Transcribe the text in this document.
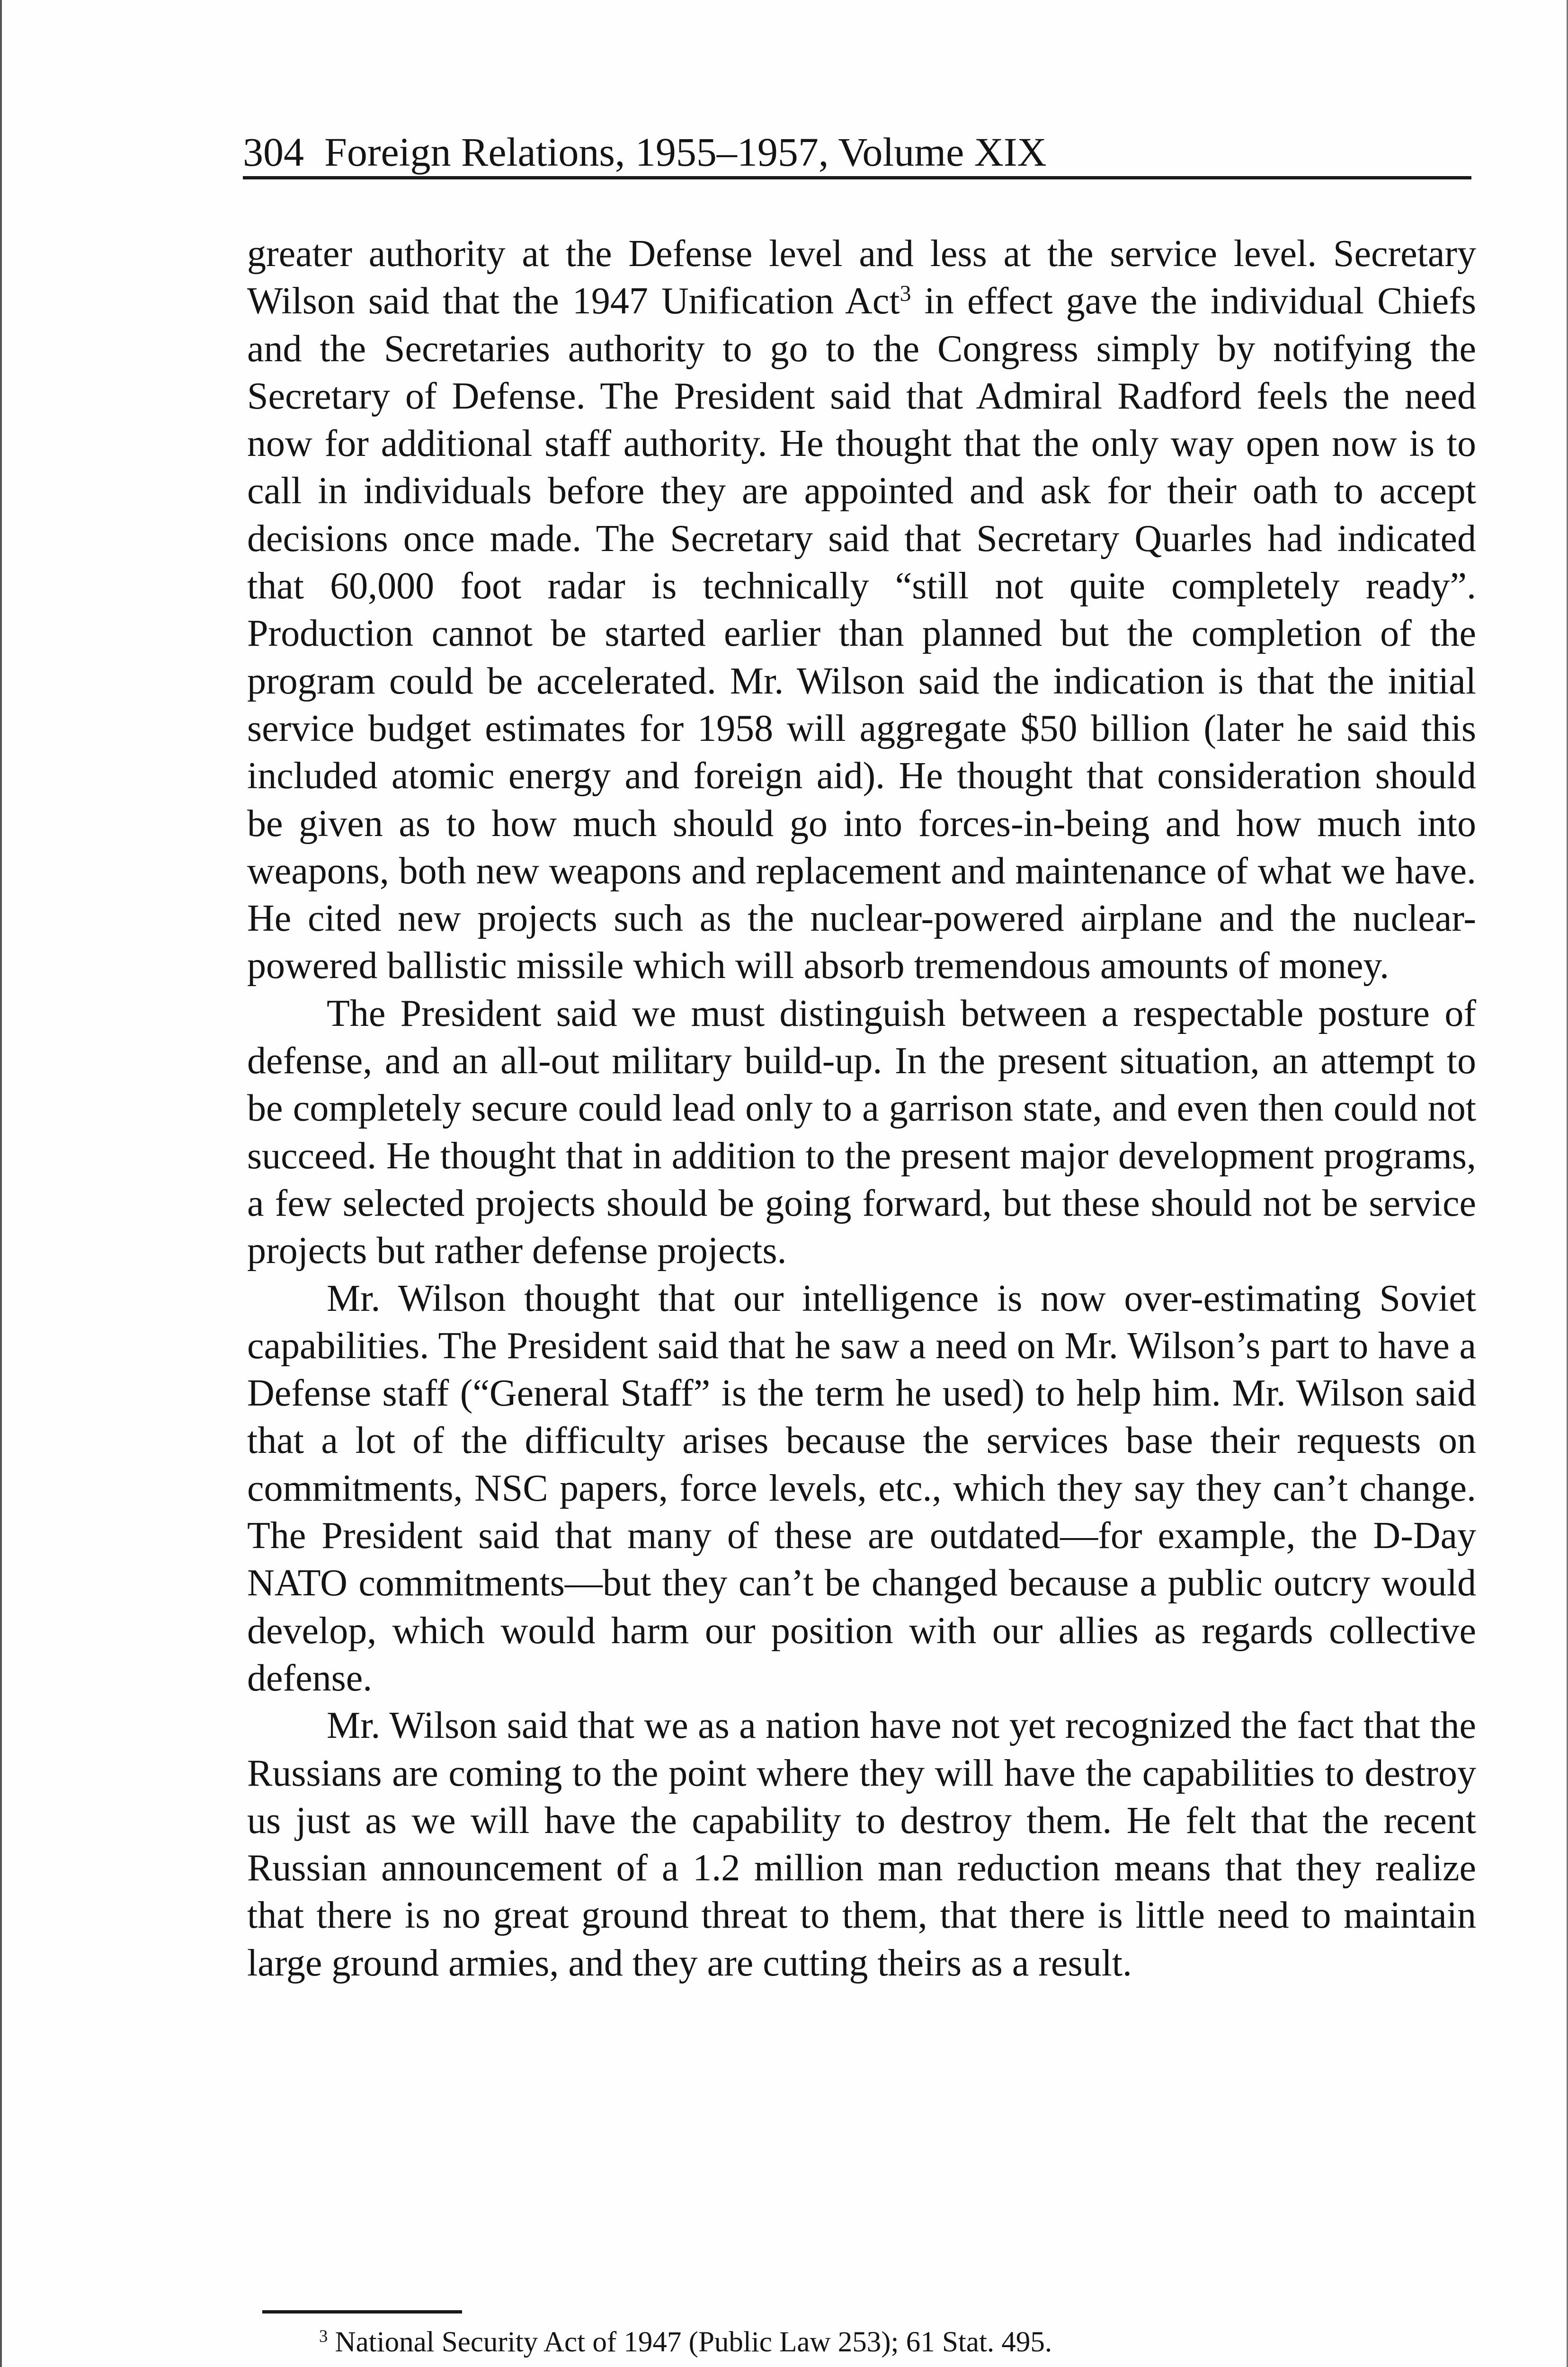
304 Foreign Relations, 1955–1957, Volume XIX

greater authority at the Defense level and less at the service level. Secretary Wilson said that the 1947 Unification Act$^3$ in effect gave the individual Chiefs and the Secretaries authority to go to the Congress simply by notifying the Secretary of Defense. The President said that Admiral Radford feels the need now for additional staff authority. He thought that the only way open now is to call in individuals before they are appointed and ask for their oath to accept decisions once made. The Secretary said that Secretary Quarles had indicated that 60,000 foot radar is technically “still not quite completely ready”. Production cannot be started earlier than planned but the completion of the program could be accelerated. Mr. Wilson said the indication is that the initial service budget estimates for 1958 will aggregate $50 billion (later he said this included atomic energy and foreign aid). He thought that consideration should be given as to how much should go into forces-in-being and how much into weapons, both new weapons and replacement and maintenance of what we have. He cited new projects such as the nuclear-powered airplane and the nuclear-powered ballistic missile which will absorb tremendous amounts of money.

The President said we must distinguish between a respectable posture of defense, and an all-out military build-up. In the present situation, an attempt to be completely secure could lead only to a garrison state, and even then could not succeed. He thought that in addition to the present major development programs, a few selected projects should be going forward, but these should not be service projects but rather defense projects.

Mr. Wilson thought that our intelligence is now over-estimating Soviet capabilities. The President said that he saw a need on Mr. Wilson’s part to have a Defense staff (“General Staff” is the term he used) to help him. Mr. Wilson said that a lot of the difficulty arises because the services base their requests on commitments, NSC papers, force levels, etc., which they say they can’t change. The President said that many of these are outdated—for example, the D-Day NATO commitments—but they can’t be changed because a public outcry would develop, which would harm our position with our allies as regards collective defense.

Mr. Wilson said that we as a nation have not yet recognized the fact that the Russians are coming to the point where they will have the capabilities to destroy us just as we will have the capability to destroy them. He felt that the recent Russian announcement of a 1.2 million man reduction means that they realize that there is no great ground threat to them, that there is little need to maintain large ground armies, and they are cutting theirs as a result.

$^3$ National Security Act of 1947 (Public Law 253); 61 Stat. 495.
